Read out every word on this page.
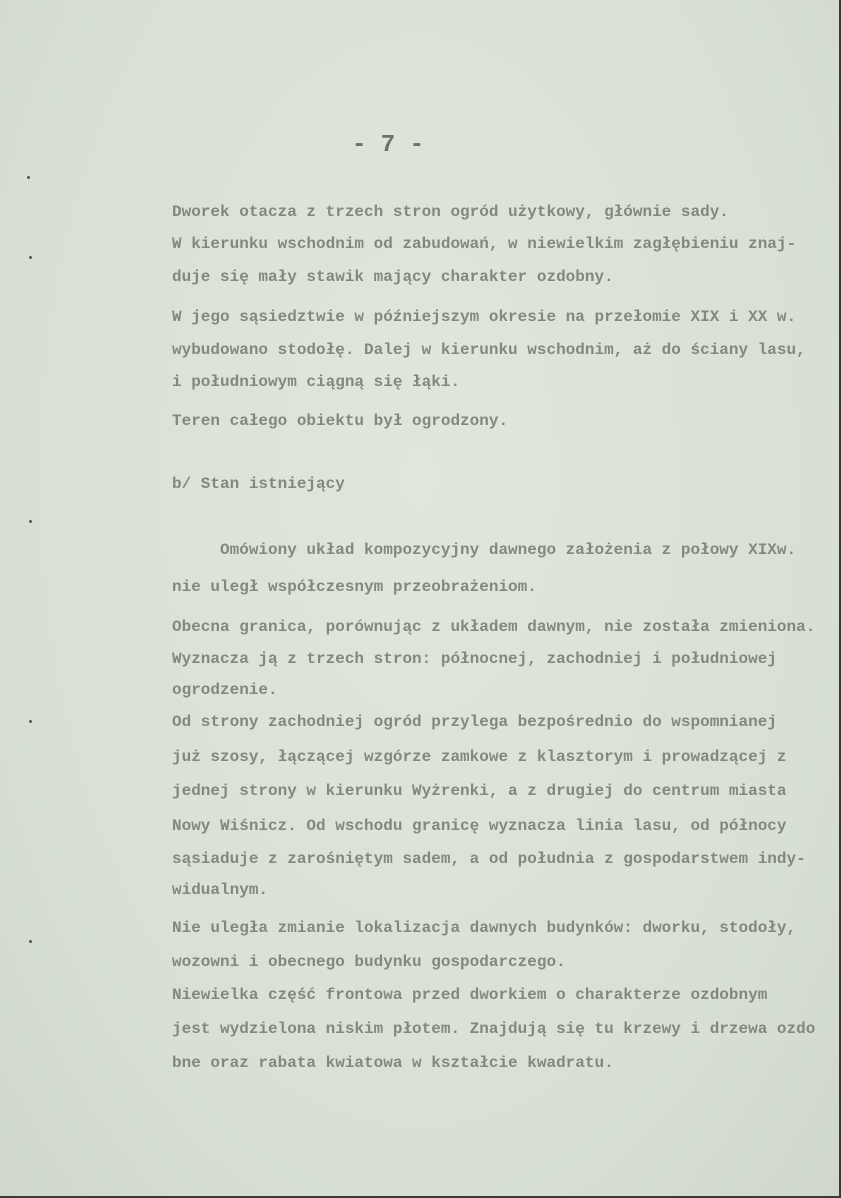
- 7 -
Dworek otacza z trzech stron ogród użytkowy, głównie sady.
W kierunku wschodnim od zabudowań, w niewielkim zagłębieniu znaj-
duje się mały stawik mający charakter ozdobny.
W jego sąsiedztwie w późniejszym okresie na przełomie XIX i XX w.
wybudowano stodołę. Dalej w kierunku wschodnim, aż do ściany lasu,
i południowym ciągną się łąki.
Teren całego obiektu był ogrodzony.
b/ Stan istniejący
Omówiony układ kompozycyjny dawnego założenia z połowy XIXw.
nie uległ współczesnym przeobrażeniom.
Obecna granica, porównując z układem dawnym, nie została zmieniona.
Wyznacza ją z trzech stron: północnej, zachodniej i południowej
ogrodzenie.
Od strony zachodniej ogród przylega bezpośrednio do wspomnianej
już szosy, łączącej wzgórze zamkowe z klasztorym i prowadzącej z
jednej strony w kierunku Wyżrenki, a z drugiej do centrum miasta
Nowy Wiśnicz. Od wschodu granicę wyznacza linia lasu, od północy
sąsiaduje z zarośniętym sadem, a od południa z gospodarstwem indy-
widualnym.
Nie uległa zmianie lokalizacja dawnych budynków: dworku, stodoły,
wozowni i obecnego budynku gospodarczego.
Niewielka część frontowa przed dworkiem o charakterze ozdobnym
jest wydzielona niskim płotem. Znajdują się tu krzewy i drzewa ozdo
bne oraz rabata kwiatowa w kształcie kwadratu.
